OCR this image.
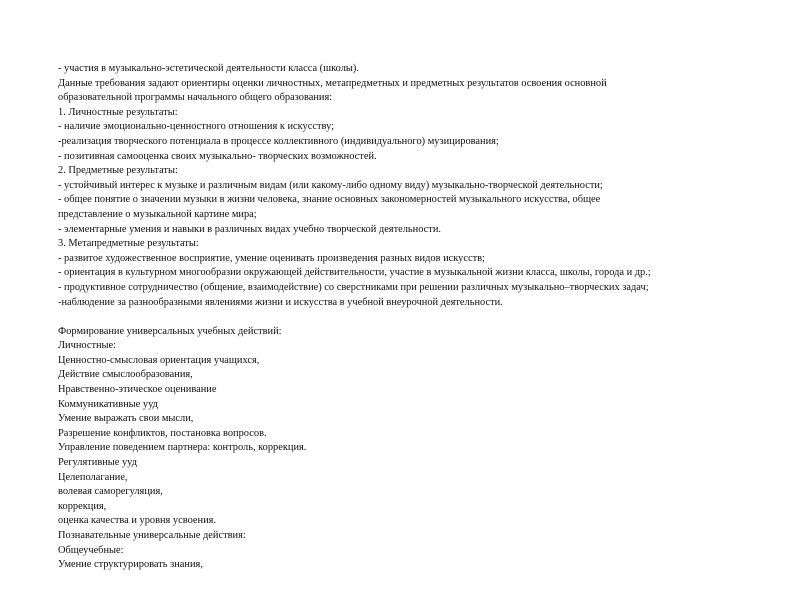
- участия в музыкально-эстетической деятельности класса (школы).
Данные требования задают ориентиры оценки личностных, метапредметных и предметных результатов освоения основной
образовательной программы начального общего образования:
1. Личностные результаты:
- наличие эмоционально-ценностного отношения к искусству;
-реализация творческого потенциала в процессе коллективного (индивидуального) музицирования;
- позитивная самооценка своих музыкально- творческих возможностей.
2. Предметные результаты:
- устойчивый интерес к музыке и различным видам (или какому-либо одному виду) музыкально-творческой деятельности;
- общее понятие о значении музыки в жизни человека, знание основных закономерностей музыкального искусства, общее
представление о музыкальной картине мира;
- элементарные умения и навыки в различных видах учебно творческой деятельности.
3. Метапредметные результаты:
- развитое художественное восприятие, умение оценивать произведения разных видов искусств;
- ориентация в культурном многообразии окружающей действительности, участие в музыкальной жизни класса, школы, города и др.;
- продуктивное сотрудничество (общение, взаимодействие) со сверстниками при решении различных музыкально–творческих задач;
-наблюдение за разнообразными явлениями жизни и искусства в учебной внеурочной деятельности.
Формирование универсальных учебных действий:
Личностные:
Ценностно-смысловая ориентация учащихся,
Действие смыслообразования,
Нравственно-этическое оценивание
Коммуникативные ууд
Умение выражать свои мысли,
Разрешение конфликтов, постановка вопросов.
Управление поведением партнера: контроль, коррекция.
Регулятивные ууд
Целеполагание,
волевая саморегуляция,
коррекция,
оценка качества и уровня усвоения.
Познавательные универсальные действия:
Общеучебные:
Умение структурировать знания,
